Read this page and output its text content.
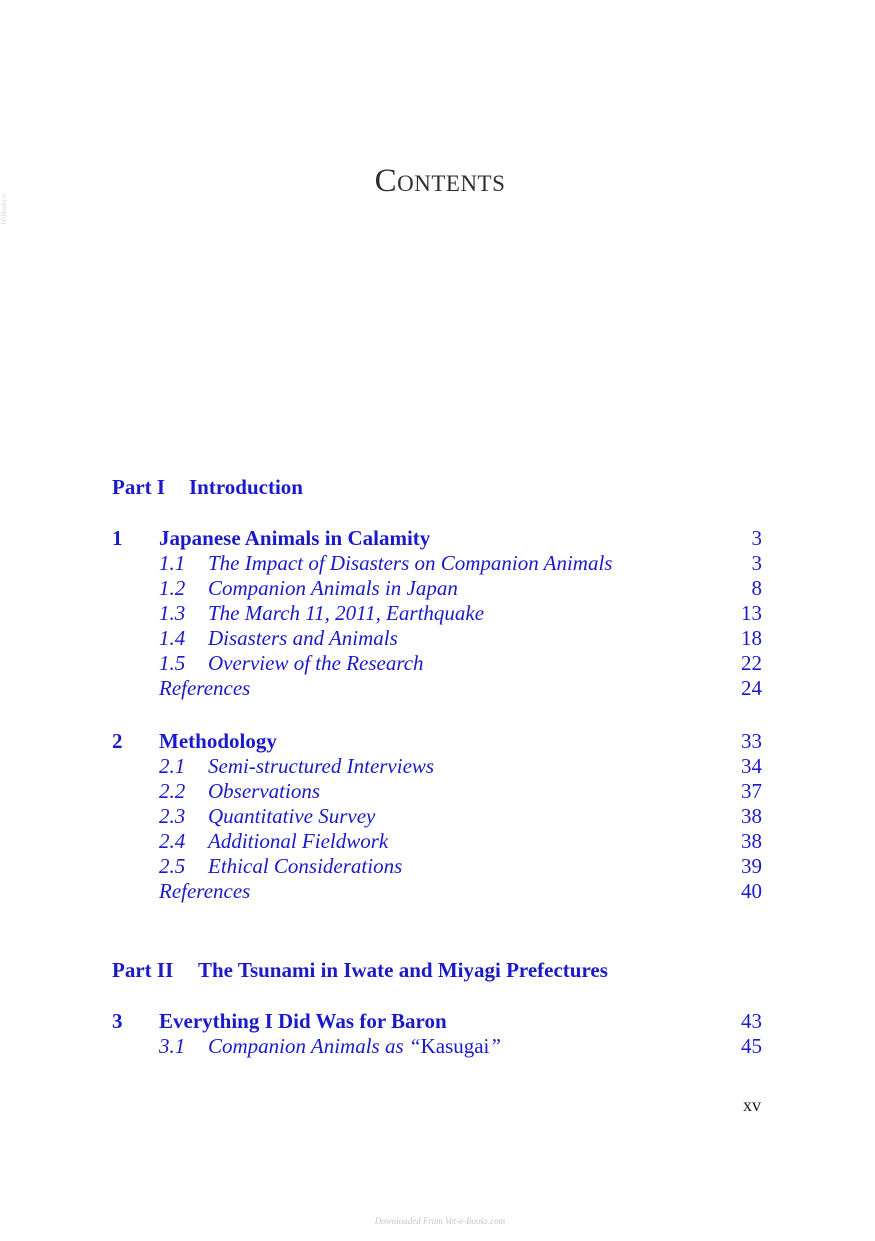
VetBooks.ir
Contents
Part I	Introduction
1	Japanese Animals in Calamity	3
1.1	The Impact of Disasters on Companion Animals	3
1.2	Companion Animals in Japan	8
1.3	The March 11, 2011, Earthquake	13
1.4	Disasters and Animals	18
1.5	Overview of the Research	22
References	24
2	Methodology	33
2.1	Semi-structured Interviews	34
2.2	Observations	37
2.3	Quantitative Survey	38
2.4	Additional Fieldwork	38
2.5	Ethical Considerations	39
References	40
Part II	The Tsunami in Iwate and Miyagi Prefectures
3	Everything I Did Was for Baron	43
3.1	Companion Animals as “Kasugai”	45
xv
Downloaded From Vet-e-Books.com
